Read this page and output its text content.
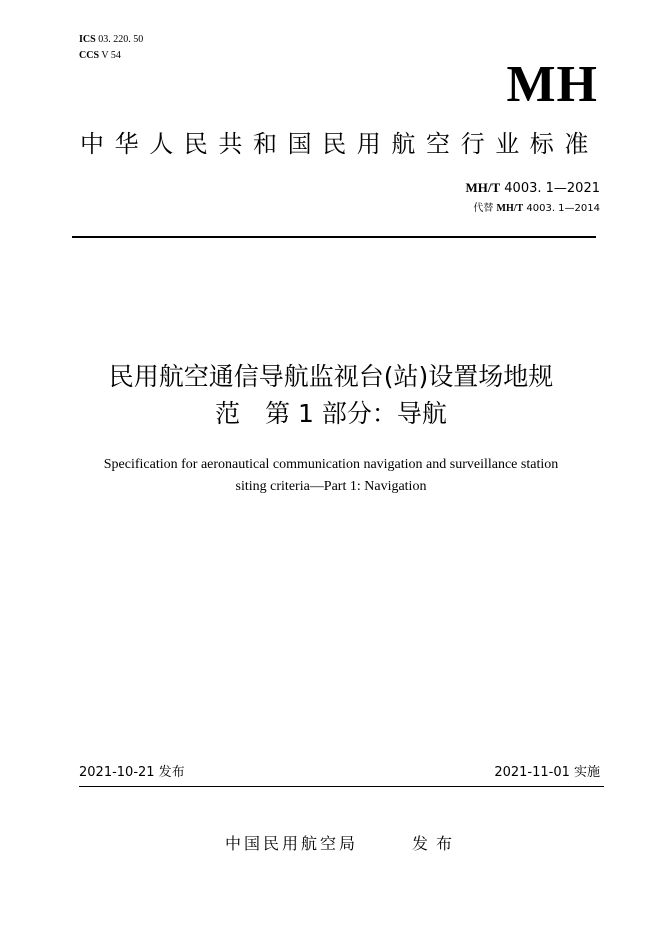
ICS 03. 220. 50
CCS V 54
MH
中华人民共和国民用航空行业标准
MH/T 4003. 1—2021
代替 MH/T 4003. 1—2014
民用航空通信导航监视台(站)设置场地规
范　第 1 部分：导航
Specification for aeronautical communication navigation and surveillance station
siting criteria—Part 1: Navigation
2021-10-21 发布	2021-11-01 实施
中国民用航空局	发布
